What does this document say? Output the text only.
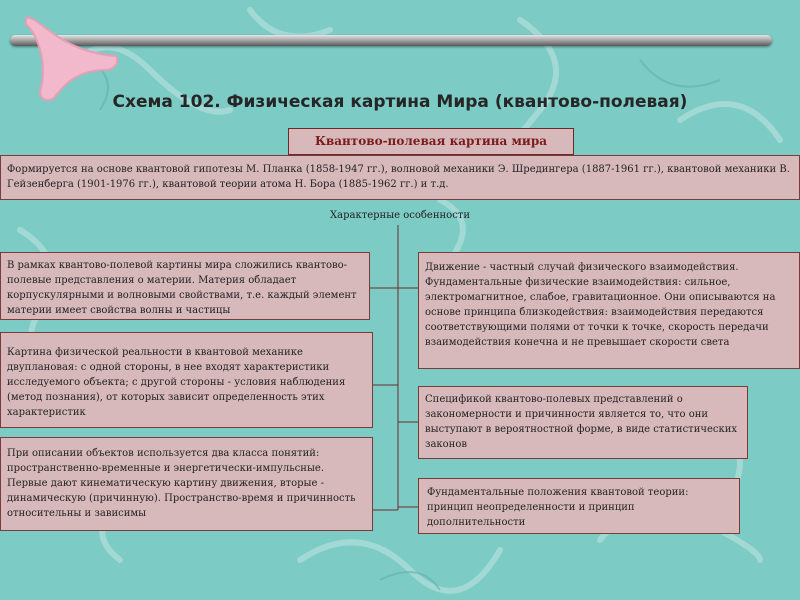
Схема 102. Физическая картина Мира (квантово-полевая)
Квантово-полевая картина мира
Формируется на основе квантовой гипотезы М. Планка (1858-1947 гг.), волновой механики Э. Шредингера (1887-1961 гг.), квантовой механики В. Гейзенберга (1901-1976 гг.), квантовой теории атома Н. Бора (1885-1962 гг.) и т.д.
Характерные особенности
В рамках квантово-полевой картины мира сложились квантово-полевые представления о материи. Материя обладает корпускулярными и волновыми свойствами, т.е. каждый элемент материи имеет свойства волны и частицы
Картина физической реальности в квантовой механике двуплановая: с одной стороны, в нее входят характеристики исследуемого объекта; с другой стороны - условия наблюдения (метод познания), от которых зависит определенность этих характеристик
При описании объектов используется два класса понятий: пространственно-временные и энергетически-импульсные. Первые дают кинематическую картину движения, вторые - динамическую (причинную). Пространство-время и причинность относительны и зависимы
Движение - частный случай физического взаимодействия. Фундаментальные физические взаимодействия: сильное, электромагнитное, слабое, гравитационное. Они описываются на основе принципа близкодействия: взаимодействия передаются соответствующими полями от точки к точке, скорость передачи взаимодействия конечна и не превышает скорости света
Спецификой квантово-полевых представлений о закономерности и причинности является то, что они выступают в вероятностной форме, в виде статистических законов
Фундаментальные положения квантовой теории: принцип неопределенности и принцип дополнительности
